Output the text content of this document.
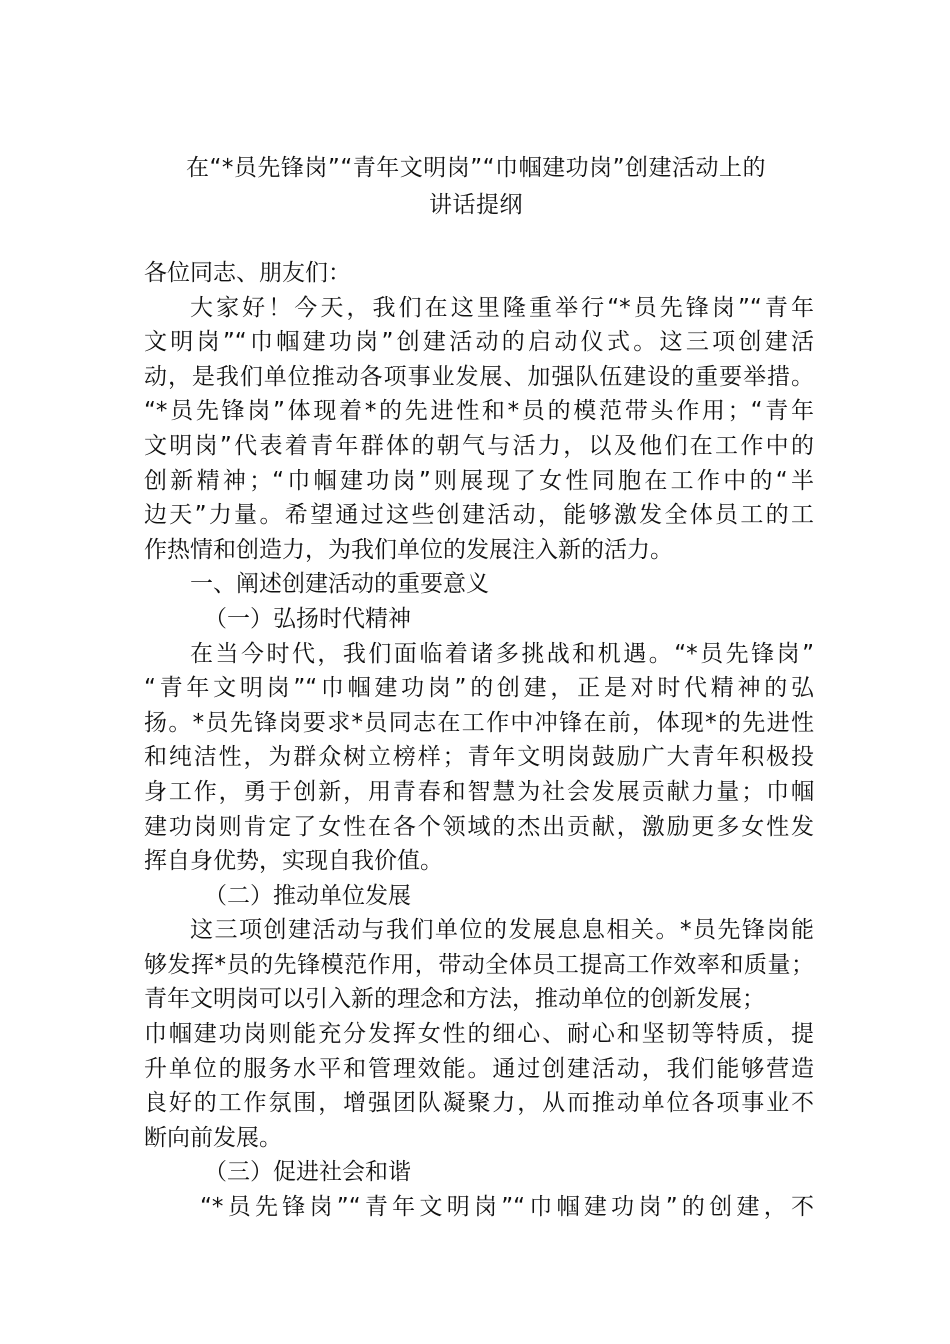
在“*员先锋岗”“青年文明岗”“巾帼建功岗”创建活动上的
讲话提纲
各位同志、朋友们：
大家好！今天，我们在这里隆重举行“*员先锋岗”“青年
文明岗”“巾帼建功岗”创建活动的启动仪式。这三项创建活
动，是我们单位推动各项事业发展、加强队伍建设的重要举措。
“*员先锋岗”体现着*的先进性和*员的模范带头作用；“青年
文明岗”代表着青年群体的朝气与活力，以及他们在工作中的
创新精神；“巾帼建功岗”则展现了女性同胞在工作中的“半
边天”力量。希望通过这些创建活动，能够激发全体员工的工
作热情和创造力，为我们单位的发展注入新的活力。
一、阐述创建活动的重要意义
（一）弘扬时代精神
在当今时代，我们面临着诸多挑战和机遇。“*员先锋岗”
“青年文明岗”“巾帼建功岗”的创建，正是对时代精神的弘
扬。*员先锋岗要求*员同志在工作中冲锋在前，体现*的先进性
和纯洁性，为群众树立榜样；青年文明岗鼓励广大青年积极投
身工作，勇于创新，用青春和智慧为社会发展贡献力量；巾帼
建功岗则肯定了女性在各个领域的杰出贡献，激励更多女性发
挥自身优势，实现自我价值。
（二）推动单位发展
这三项创建活动与我们单位的发展息息相关。*员先锋岗能
够发挥*员的先锋模范作用，带动全体员工提高工作效率和质量；
青年文明岗可以引入新的理念和方法，推动单位的创新发展；
巾帼建功岗则能充分发挥女性的细心、耐心和坚韧等特质，提
升单位的服务水平和管理效能。通过创建活动，我们能够营造
良好的工作氛围，增强团队凝聚力，从而推动单位各项事业不
断向前发展。
（三）促进社会和谐
“*员先锋岗”“青年文明岗”“巾帼建功岗”的创建，不
